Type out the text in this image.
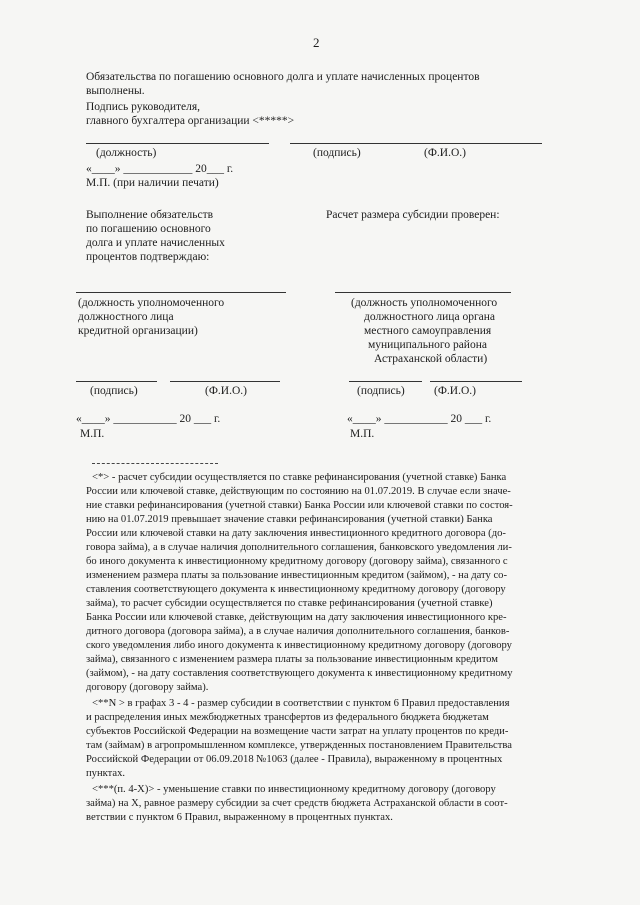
2
Обязательства по погашению основного долга и уплате начисленных процентов
выполнены.
Подпись руководителя,
главного бухгалтера организации <*****>
(должность)	(подпись)	(Ф.И.О.)
«____» ____________ 20___ г.
М.П. (при наличии печати)
Выполнение обязательств
по погашению основного
долга и уплате начисленных
процентов подтверждаю:
Расчет размера субсидии проверен:
(должность уполномоченного
должностного лица
кредитной организации)
(должность уполномоченного
должностного лица органа
местного самоуправления
муниципального района
Астраханской области)
(подпись)	(Ф.И.О.)	(подпись)	(Ф.И.О.)
«____» ___________ 20 ___ г.	«____» ___________ 20 ___ г.
М.П.	М.П.
<*> - расчет субсидии осуществляется по ставке рефинансирования (учетной ставке) Банка
России или ключевой ставке, действующим по состоянию на 01.07.2019. В случае если значе-
ние ставки рефинансирования (учетной ставки) Банка России или ключевой ставки по состоя-
нию на 01.07.2019 превышает значение ставки рефинансирования (учетной ставки) Банка
России или ключевой ставки на дату заключения инвестиционного кредитного договора (до-
говора займа), а в случае наличия дополнительного соглашения, банковского уведомления ли-
бо иного документа к инвестиционному кредитному договору (договору займа), связанного с
изменением размера платы за пользование инвестиционным кредитом (займом), - на дату со-
ставления соответствующего документа к инвестиционному кредитному договору (договору
займа), то расчет субсидии осуществляется по ставке рефинансирования (учетной ставке)
Банка России или ключевой ставке, действующим на дату заключения инвестиционного кре-
дитного договора (договора займа), а в случае наличия дополнительного соглашения, банков-
ского уведомления либо иного документа к инвестиционному кредитному договору (договору
займа), связанного с изменением размера платы за пользование инвестиционным кредитом
(займом), - на дату составления соответствующего документа к инвестиционному кредитному
договору (договору займа).
<**N > в графах 3 - 4 - размер субсидии в соответствии с пунктом 6 Правил предоставления
и распределения иных межбюджетных трансфертов из федерального бюджета бюджетам
субъектов Российской Федерации на возмещение части затрат на уплату процентов по креди-
там (займам) в агропромышленном комплексе, утвержденных постановлением Правительства
Российской Федерации от 06.09.2018 №1063 (далее - Правила), выраженному в процентных
пунктах.
<***(п. 4-Х)> - уменьшение ставки по инвестиционному кредитному договору (договору
займа) на X, равное размеру субсидии за счет средств бюджета Астраханской области в соот-
ветствии с пунктом 6 Правил, выраженному в процентных пунктах.
